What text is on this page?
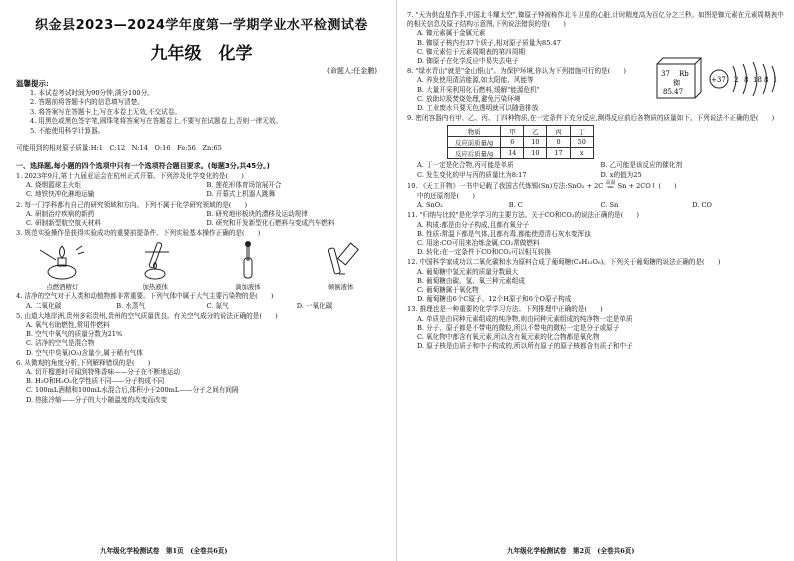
织金县2023—2024学年度第一学期学业水平检测试卷
九年级　化学
(命题人:任金鹏)
温馨提示:
1. 本试卷考试时间为90分钟,满分100分。
2. 答题前将答题卡内的信息填写清楚。
3. 将答案写在答题卡上,写在本卷上无效,不交试卷。
4. 用黑色或黑色签字笔,圆珠笔将答案写在答题卷上,不要写在试题卷上,否则一律无效。
5. 不能使用科学计算器。
可能用到的相对原子质量:H:1　C:12　N:14　O:16　Fe:56　Zn:65
一、选择题,每小题的四个选项中只有一个选项符合题目要求。(每题3分,共45分。)
1. 2023年9月,第十九届亚运会在杭州正式开幕。下列涉及化学变化的是(　　)
A. 烧烟篮球主火炬	B. 莲花形体育场馆展开合
C. 地铁快冲化淋地运输	D. 开幕式上机器人跳舞
2. 每一门学科都有自己的研究领域和方向。下列不属于化学研究领域的是(　　)
A. 研制治疗疾病的新药	B. 研究地形板块的漂移及运动规律
C. 研制新型航空航天材料	D. 研究和开发新型化石燃料与变成汽车燃料
3. 规范实验操作是获得实验成功的重要前提条件。下列实验基本操作正确的是(　　)
点燃酒精灯	加热液体	滴加液体	倾倒液体
4. 洁净的空气对于人类和动植物都非常重要。下列气体中属于大气主要污染物的是(　　)
A. 二氧化碳	B. 水蒸气	C. 氮气	D. 一氧化碳
5. 山道大地岸洲,贵州多彩贵州,贵州的空气质量优良。有关空气成分的说法正确的是(　　)
A. 氧气有助燃性,常用作燃料
B. 空气中氧气的质量分数为21%
C. 洁净的空气是混合物
D. 空气中臭氧(O₃)含量少,属于稀有气体
6. 从微观的角度分析,下列解释错误的是(　　)
A. 切开榴莲时可闻到特殊香味——分子在不断地运动
B. H₂O和H₂O₂化学性质不同——分子构成不同
C. 100mL酒精和100mL水混合后,体积小于200mL——分子之间有间隔
D. 热胀冷缩——分子的大小随温度的改变而改变
九年级化学检测试卷　第1页　(全卷共6页)
7. "天为供盘星作手,中国北斗耀太空",铷原子钟被称作北斗卫星的心脏,计时精度高为百亿分之三秒。如图是铷元素在元素周期表中的相关信息及原子结构示意图,下列说法错误的是(　　)
A. 铷元素属于金属元素
B. 铷原子核内有37个质子,相对原子质量为85.47
C. 铷元素位于元素周期表的第四周期
D. 铷原子在化学反应中易失去电子
37 Rb
铷
85.47
+37 2 8 18 8 1
8. "绿水青山"就是"金山银山"。为保护环境,你认为下列措施可行的是(　　)
A. 养发使用清洁能源,如太阳能、风能等
B. 大量开采利用化石燃料,缓解"能源危机"
C. 放助垃圾焚烧处理,避免污染环境
D. 工业废水只要无色透明就可以随意排放
9. 密闭容器内有甲、乙、丙、丁四种物质,在一定条件下充分反应,测得反应前后各物质的质量如下。下列说法不正确的是(　　)
物质	甲	乙	丙	丁
反应前质量/g	6	10	0	50
反应后质量/g	14	10	17	x
A. 丁一定是化合物,丙可能是单质	B. 乙可能是该反应的催化剂
C. 发生变化的甲与丙的质量比为8:17	D. x的值为25
10. 《天工开物》一书中记载了我国古代炼锡(Sn)方法:SnO₂ + 2C 高温
══ Sn + 2CO↑ (　　)
中的还原剂是(　　)
A. SnO₂	B. C	C. Sn	D. CO
11. "归纳与比较"是化学学习的主要方法。关于CO和CO₂的说法正确的是(　　)
A. 构成:都是由分子构成,且都有氧分子
B. 性质:常温下都是气体,且都有毒,都能使澄清石灰水变浑浊
C. 用途:CO可用来冶炼金属,CO₂常做燃料
D. 转化:在一定条件下CO和CO₂可以相互转换
12. 中国科学家成功以二氧化碳和水为原料合成了葡萄糖(C₆H₁₂O₆)。下列关于葡萄糖的说法正确的是(　　)
A. 葡萄糖中氢元素的质量分数最大
B. 葡萄糖由碳、氢、氧三种元素组成
C. 葡萄糖属于氧化物
D. 葡萄糖由6个C原子、12个H原子和6个O原子构成
13. 推理也是一种重要的化学学习方法。下列推理中正确的是(　　)
A. 单质是由同种元素组成的纯净物,则由同种元素组成的纯净物一定是单质
B. 分子、原子都是不带电的微粒,所以不带电的微粒一定是分子或原子
C. 氧化物中都含有氧元素,所以含有氧元素的化合物都是氧化物
D. 原子核是由质子和中子构成的,所以所有原子的原子核都含有质子和中子
九年级化学检测试卷　第2页　(全卷共6页)
